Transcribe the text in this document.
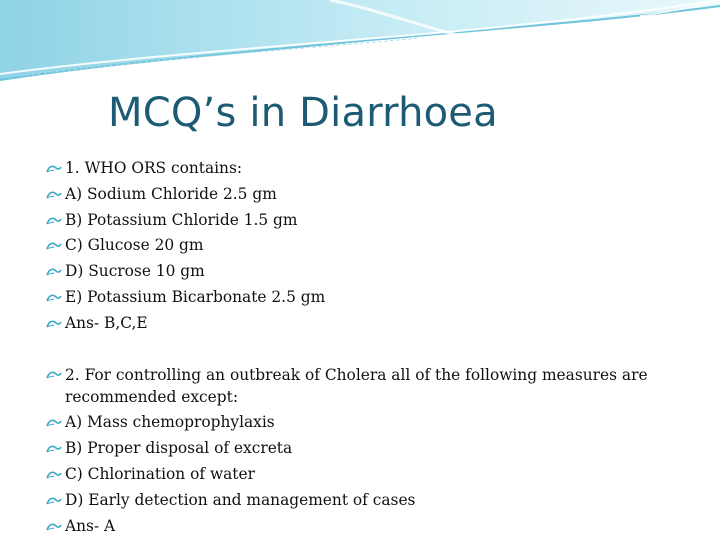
MCQ’s in Diarrhoea
1. WHO ORS contains:
A) Sodium Chloride 2.5 gm
B) Potassium Chloride 1.5 gm
C) Glucose 20 gm
D) Sucrose 10 gm
E) Potassium Bicarbonate 2.5 gm
Ans- B,C,E
2. For controlling an outbreak of Cholera all of the following measures are recommended except:
A) Mass chemoprophylaxis
B) Proper disposal of excreta
C) Chlorination of water
D) Early detection and management of cases
Ans- A
